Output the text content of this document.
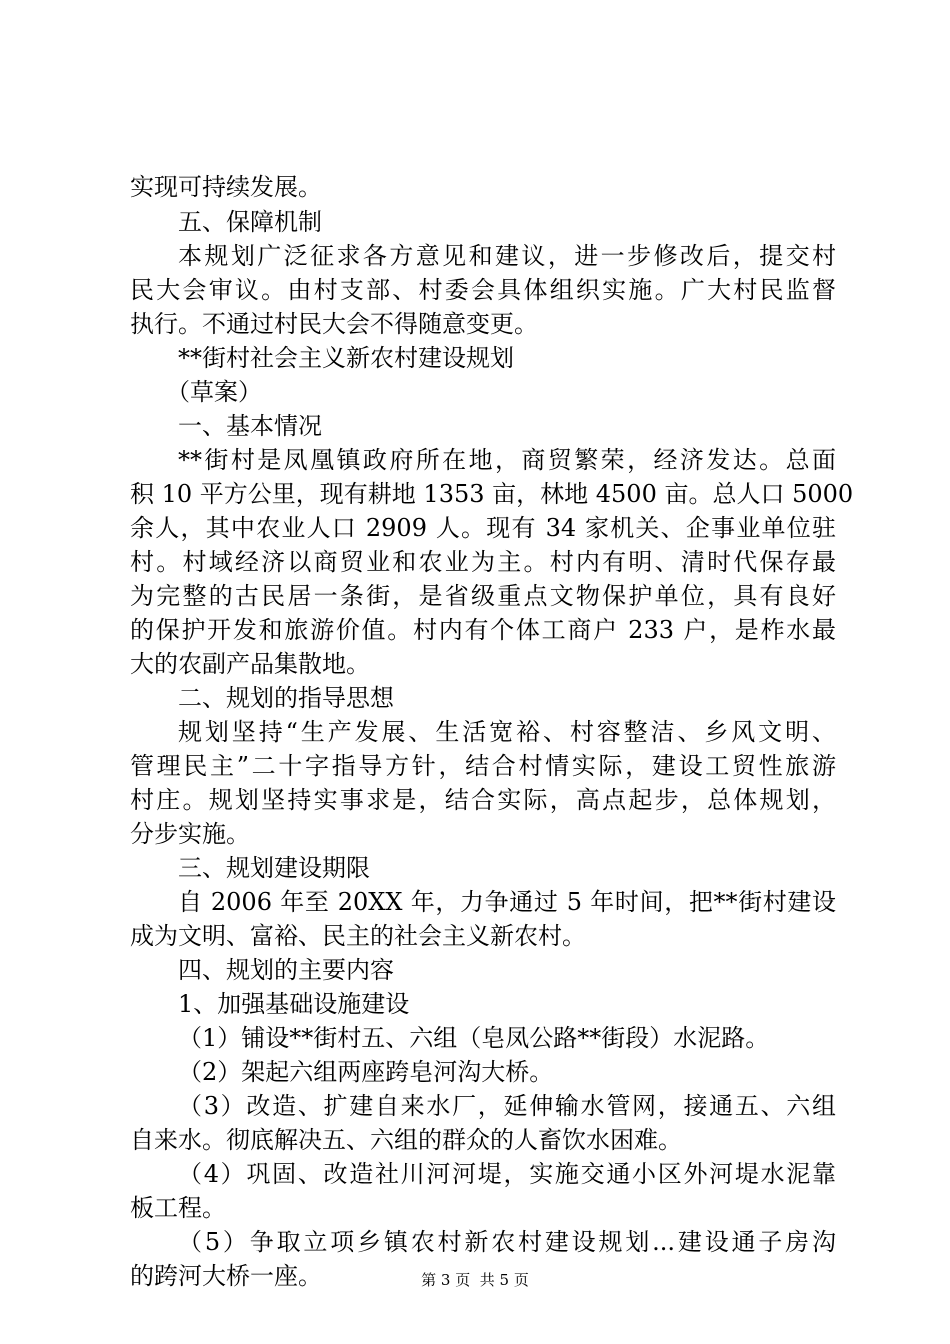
实现可持续发展。
五、保障机制
本规划广泛征求各方意见和建议，进一步修改后，提交村
民大会审议。由村支部、村委会具体组织实施。广大村民监督
执行。不通过村民大会不得随意变更。
**街村社会主义新农村建设规划
（草案）
一、基本情况
**街村是凤凰镇政府所在地，商贸繁荣，经济发达。总面
积 10 平方公里，现有耕地 1353 亩，林地 4500 亩。总人口 5000
余人，其中农业人口 2909 人。现有 34 家机关、企事业单位驻
村。村域经济以商贸业和农业为主。村内有明、清时代保存最
为完整的古民居一条街，是省级重点文物保护单位，具有良好
的保护开发和旅游价值。村内有个体工商户 233 户，是柞水最
大的农副产品集散地。
二、规划的指导思想
规划坚持“生产发展、生活宽裕、村容整洁、乡风文明、
管理民主”二十字指导方针，结合村情实际，建设工贸性旅游
村庄。规划坚持实事求是，结合实际，高点起步，总体规划，
分步实施。
三、规划建设期限
自 2006 年至 20XX 年，力争通过 5 年时间，把**街村建设
成为文明、富裕、民主的社会主义新农村。
四、规划的主要内容
1、加强基础设施建设
（1）铺设**街村五、六组（皂凤公路**街段）水泥路。
（2）架起六组两座跨皂河沟大桥。
（3）改造、扩建自来水厂，延伸输水管网，接通五、六组
自来水。彻底解决五、六组的群众的人畜饮水困难。
（4）巩固、改造社川河河堤，实施交通小区外河堤水泥靠
板工程。
（5）争取立项乡镇农村新农村建设规划...建设通子房沟
的跨河大桥一座。	第 3 页  共 5 页
